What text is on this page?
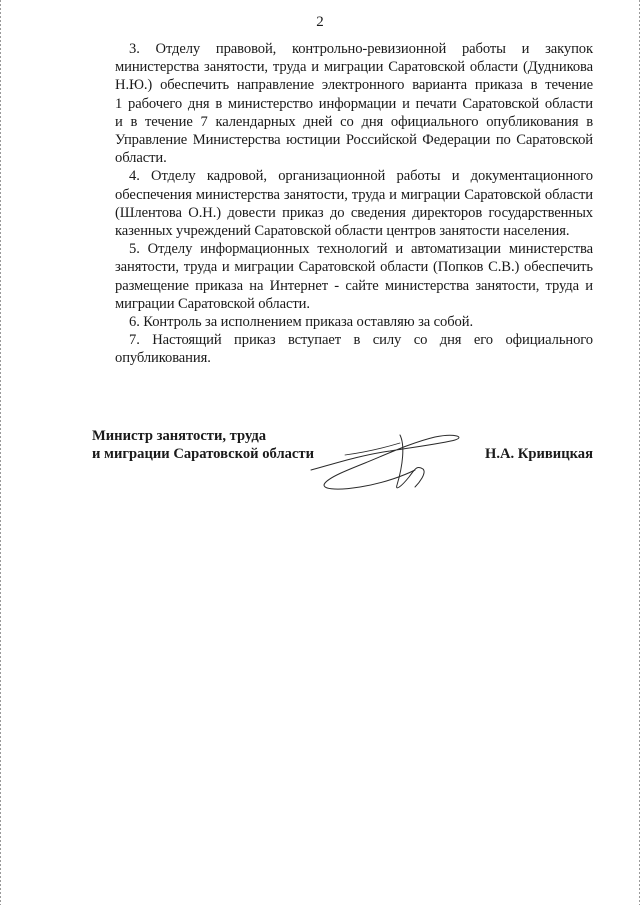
2
3. Отделу правовой, контрольно-ревизионной работы и закупок
министерства занятости, труда и миграции Саратовской области (Дудникова
Н.Ю.) обеспечить направление электронного варианта приказа в течение
1 рабочего дня в министерство информации и печати Саратовской области
и в течение 7 календарных дней со дня официального опубликования в
Управление Министерства юстиции Российской Федерации по Саратовской
области.
4. Отделу кадровой, организационной работы и документационного
обеспечения министерства занятости, труда и миграции Саратовской области
(Шлентова О.Н.) довести приказ до сведения директоров государственных
казенных учреждений Саратовской области центров занятости населения.
5. Отделу информационных технологий и автоматизации министерства
занятости, труда и миграции Саратовской области (Попков С.В.) обеспечить
размещение приказа на Интернет - сайте министерства занятости, труда и
миграции Саратовской области.
6. Контроль за исполнением приказа оставляю за собой.
7. Настоящий приказ вступает в силу со дня его официального
опубликования.
Министр занятости, труда
и миграции Саратовской области	Н.А. Кривицкая
